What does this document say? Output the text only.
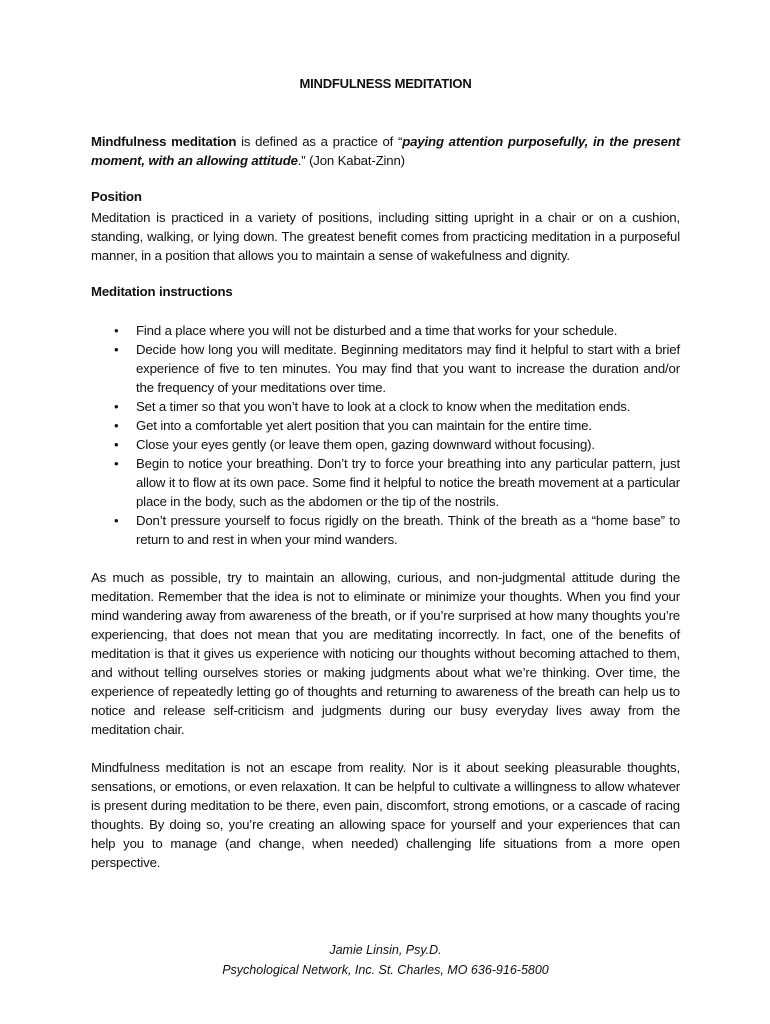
MINDFULNESS MEDITATION
Mindfulness meditation is defined as a practice of “paying attention purposefully, in the present moment, with an allowing attitude.” (Jon Kabat-Zinn)
Position
Meditation is practiced in a variety of positions, including sitting upright in a chair or on a cushion, standing, walking, or lying down. The greatest benefit comes from practicing meditation in a purposeful manner, in a position that allows you to maintain a sense of wakefulness and dignity.
Meditation instructions
• Find a place where you will not be disturbed and a time that works for your schedule.
• Decide how long you will meditate. Beginning meditators may find it helpful to start with a brief experience of five to ten minutes. You may find that you want to increase the duration and/or the frequency of your meditations over time.
• Set a timer so that you won’t have to look at a clock to know when the meditation ends.
• Get into a comfortable yet alert position that you can maintain for the entire time.
• Close your eyes gently (or leave them open, gazing downward without focusing).
• Begin to notice your breathing. Don’t try to force your breathing into any particular pattern, just allow it to flow at its own pace. Some find it helpful to notice the breath movement at a particular place in the body, such as the abdomen or the tip of the nostrils.
• Don’t pressure yourself to focus rigidly on the breath. Think of the breath as a “home base” to return to and rest in when your mind wanders.
As much as possible, try to maintain an allowing, curious, and non-judgmental attitude during the meditation. Remember that the idea is not to eliminate or minimize your thoughts. When you find your mind wandering away from awareness of the breath, or if you’re surprised at how many thoughts you’re experiencing, that does not mean that you are meditating incorrectly. In fact, one of the benefits of meditation is that it gives us experience with noticing our thoughts without becoming attached to them, and without telling ourselves stories or making judgments about what we’re thinking. Over time, the experience of repeatedly letting go of thoughts and returning to awareness of the breath can help us to notice and release self-criticism and judgments during our busy everyday lives away from the meditation chair.
Mindfulness meditation is not an escape from reality. Nor is it about seeking pleasurable thoughts, sensations, or emotions, or even relaxation. It can be helpful to cultivate a willingness to allow whatever is present during meditation to be there, even pain, discomfort, strong emotions, or a cascade of racing thoughts. By doing so, you’re creating an allowing space for yourself and your experiences that can help you to manage (and change, when needed) challenging life situations from a more open perspective.
Jamie Linsin, Psy.D.
Psychological Network, Inc. St. Charles, MO 636-916-5800
